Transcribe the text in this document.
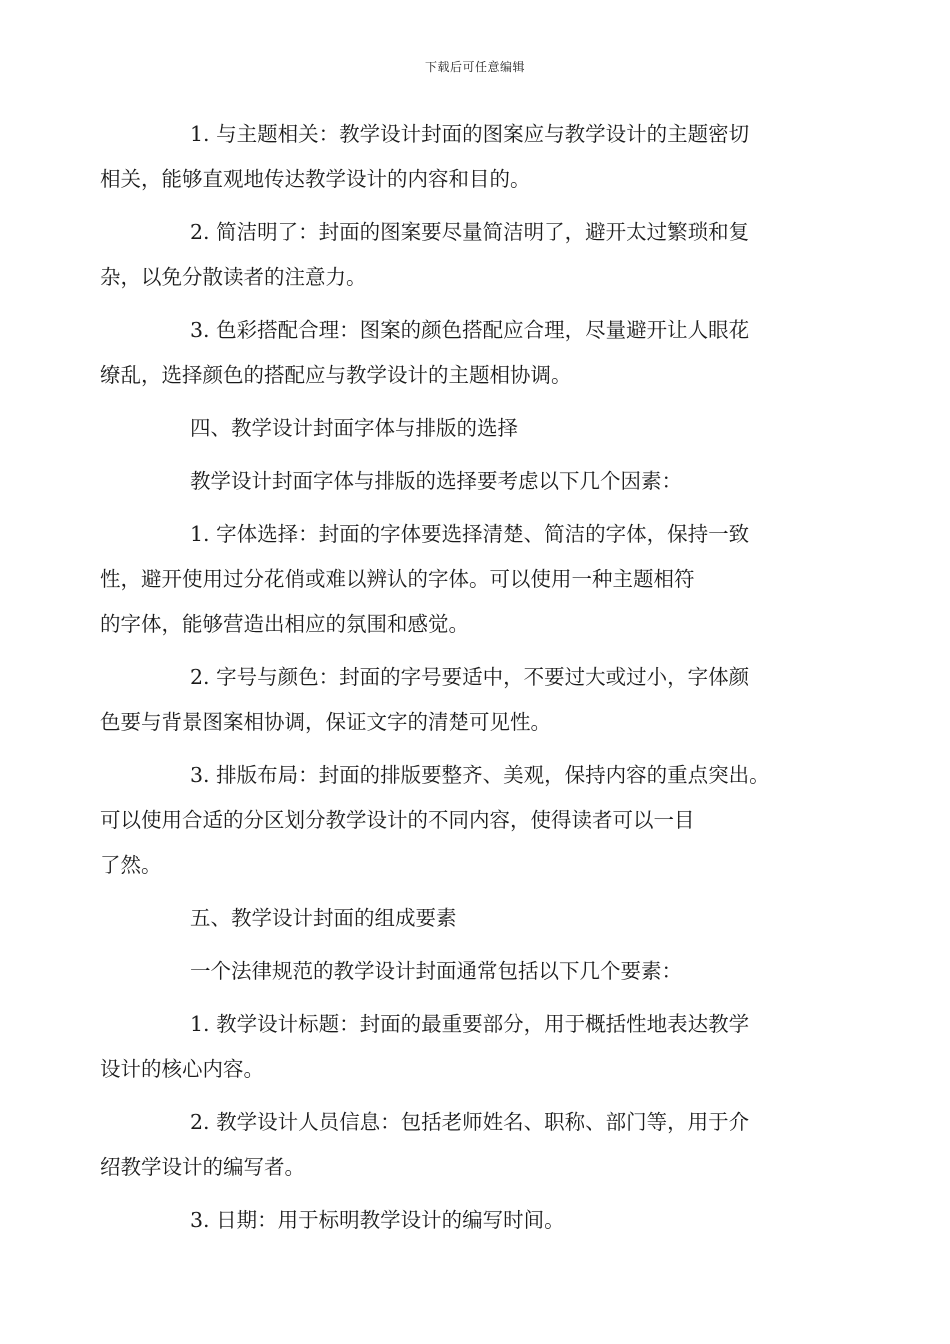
下载后可任意编辑
1. 与主题相关：教学设计封面的图案应与教学设计的主题密切
相关，能够直观地传达教学设计的内容和目的。
2. 简洁明了：封面的图案要尽量简洁明了，避开太过繁琐和复
杂，以免分散读者的注意力。
3. 色彩搭配合理：图案的颜色搭配应合理，尽量避开让人眼花
缭乱，选择颜色的搭配应与教学设计的主题相协调。
四、教学设计封面字体与排版的选择
教学设计封面字体与排版的选择要考虑以下几个因素：
1. 字体选择：封面的字体要选择清楚、简洁的字体，保持一致
性，避开使用过分花俏或难以辨认的字体。可以使用一种主题相符
的字体，能够营造出相应的氛围和感觉。
2. 字号与颜色：封面的字号要适中，不要过大或过小，字体颜
色要与背景图案相协调，保证文字的清楚可见性。
3. 排版布局：封面的排版要整齐、美观，保持内容的重点突出。
可以使用合适的分区划分教学设计的不同内容，使得读者可以一目
了然。
五、教学设计封面的组成要素
一个法律规范的教学设计封面通常包括以下几个要素：
1. 教学设计标题：封面的最重要部分，用于概括性地表达教学
设计的核心内容。
2. 教学设计人员信息：包括老师姓名、职称、部门等，用于介
绍教学设计的编写者。
3. 日期：用于标明教学设计的编写时间。
